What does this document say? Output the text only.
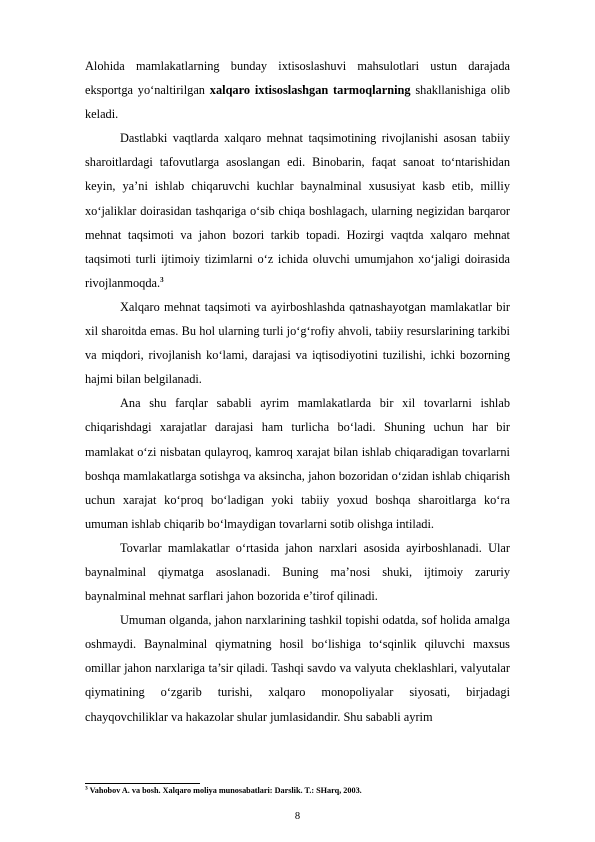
Alohida mamlakatlarning bunday ixtisoslashuvi mahsulotlari ustun darajada eksportga yoʻnaltirilgan xalqaro ixtisoslashgan tarmoqlarning shakllanishiga olib keladi.

Dastlabki vaqtlarda xalqaro mehnat taqsimotining rivojlanishi asosan tabiiy sharoitlardagi tafovutlarga asoslangan edi. Binobarin, faqat sanoat toʻntarishidan keyin, ya’ni ishlab chiqaruvchi kuchlar baynalminal xususiyat kasb etib, milliy xoʻjaliklar doirasidan tashqariga oʻsib chiqa boshlagach, ularning negizidan barqaror mehnat taqsimoti va jahon bozori tarkib topadi. Hozirgi vaqtda xalqaro mehnat taqsimoti turli ijtimoiy tizimlarni oʻz ichida oluvchi umumjahon xoʻjaligi doirasida rivojlanmoqda.$^3$

Xalqaro mehnat taqsimoti va ayirboshlashda qatnashayotgan mamlakatlar bir xil sharoitda emas. Bu hol ularning turli joʻgʻrofiy ahvoli, tabiiy resurslarining tarkibi va miqdori, rivojlanish koʻlami, darajasi va iqtisodiyotini tuzilishi, ichki bozorning hajmi bilan belgilanadi.

Ana shu farqlar sababli ayrim mamlakatlarda bir xil tovarlarni ishlab chiqarishdagi xarajatlar darajasi ham turlicha boʻladi. Shuning uchun har bir mamlakat oʻzi nisbatan qulayroq, kamroq xarajat bilan ishlab chiqaradigan tovarlarni boshqa mamlakatlarga sotishga va aksincha, jahon bozoridan oʻzidan ishlab chiqarish uchun xarajat koʻproq boʻladigan yoki tabiiy yoxud boshqa sharoitlarga koʻra umuman ishlab chiqarib boʻlmaydigan tovarlarni sotib olishga intiladi.

Tovarlar mamlakatlar oʻrtasida jahon narxlari asosida ayirboshlanadi. Ular baynalminal qiymatga asoslanadi. Buning ma’nosi shuki, ijtimoiy zaruriy baynalminal mehnat sarflari jahon bozorida e’tirof qilinadi.

Umuman olganda, jahon narxlarining tashkil topishi odatda, sof holida amalga oshmaydi. Baynalminal qiymatning hosil boʻlishiga toʻsqinlik qiluvchi maxsus omillar jahon narxlariga ta’sir qiladi. Tashqi savdo va valyuta cheklashlari, valyutalar qiymatining oʻzgarib turishi, xalqaro monopoliyalar siyosati, birjadagi chayqovchiliklar va hakazolar shular jumlasidandir. Shu sababli ayrim

$^3$ Vahobov A. va bosh. Xalqaro moliya munosabatlari: Darslik. T.: SHarq, 2003.
8
